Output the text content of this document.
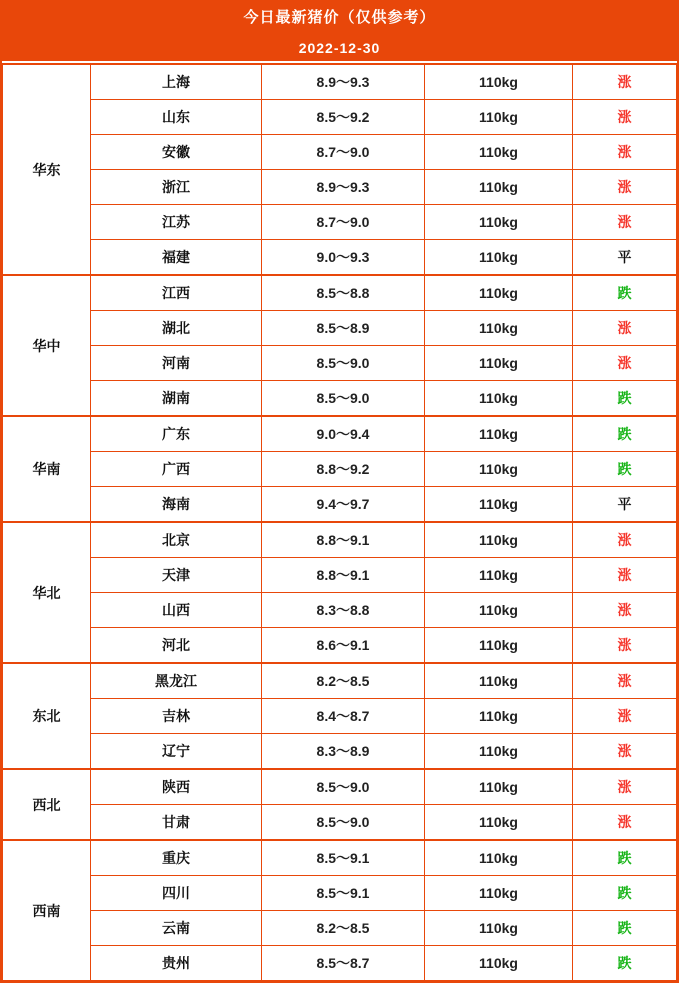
今日最新猪价（仅供参考）
2022-12-30
华东	上海	8.9～9.3	110kg	涨
	山东	8.5～9.2	110kg	涨
	安徽	8.7～9.0	110kg	涨
	浙江	8.9～9.3	110kg	涨
	江苏	8.7～9.0	110kg	涨
	福建	9.0～9.3	110kg	平
华中	江西	8.5～8.8	110kg	跌
	湖北	8.5～8.9	110kg	涨
	河南	8.5～9.0	110kg	涨
	湖南	8.5～9.0	110kg	跌
华南	广东	9.0～9.4	110kg	跌
	广西	8.8～9.2	110kg	跌
	海南	9.4～9.7	110kg	平
华北	北京	8.8～9.1	110kg	涨
	天津	8.8～9.1	110kg	涨
	山西	8.3～8.8	110kg	涨
	河北	8.6～9.1	110kg	涨
东北	黑龙江	8.2～8.5	110kg	涨
	吉林	8.4～8.7	110kg	涨
	辽宁	8.3～8.9	110kg	涨
西北	陕西	8.5～9.0	110kg	涨
	甘肃	8.5～9.0	110kg	涨
西南	重庆	8.5～9.1	110kg	跌
	四川	8.5～9.1	110kg	跌
	云南	8.2～8.5	110kg	跌
	贵州	8.5～8.7	110kg	跌
